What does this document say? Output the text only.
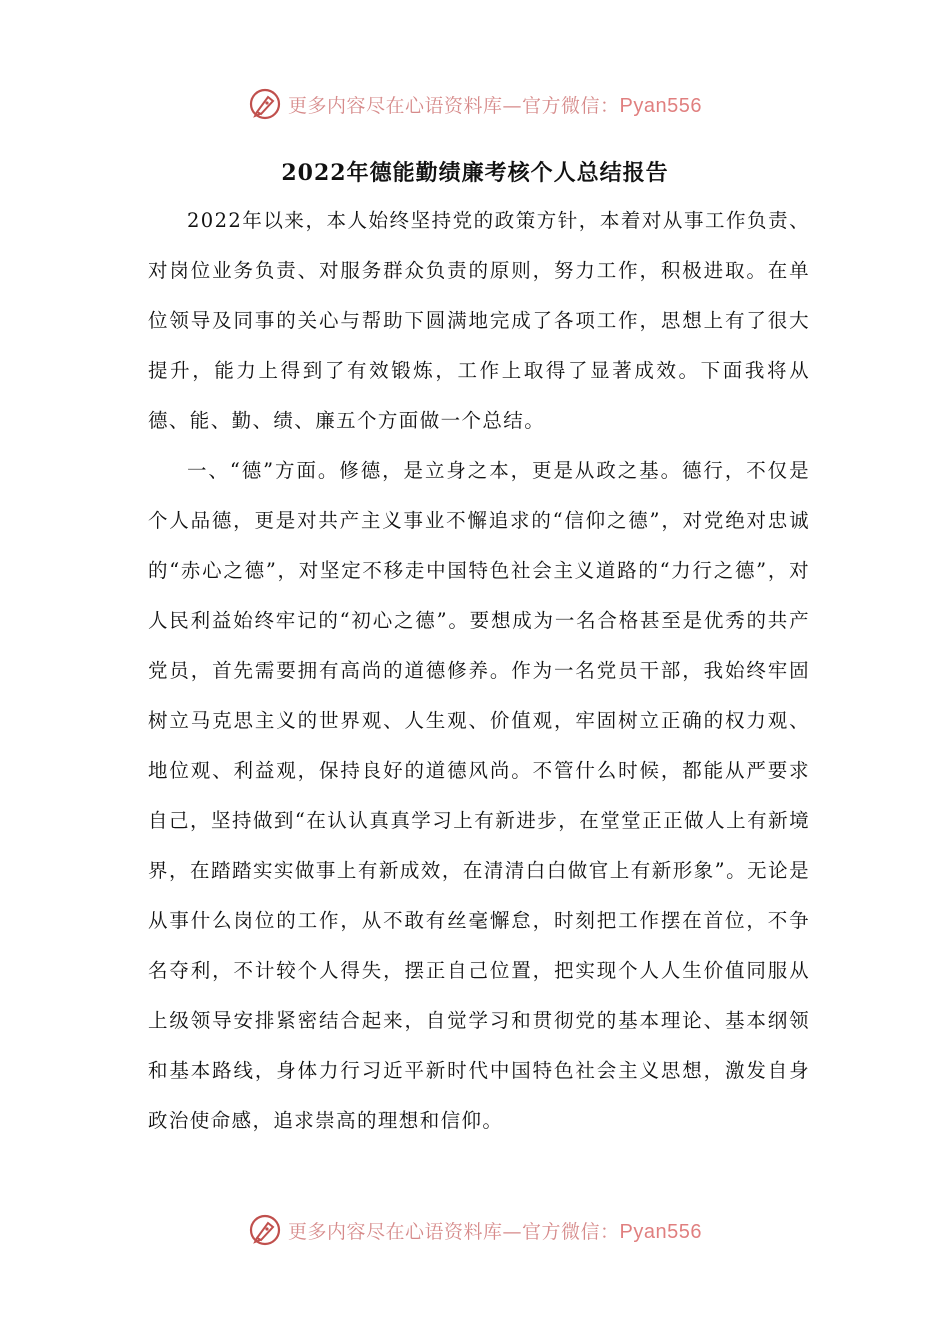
更多内容尽在心语资料库—官方微信：Pyan556
2022年德能勤绩廉考核个人总结报告

2022年以来，本人始终坚持党的政策方针，本着对从事工作负责、对岗位业务负责、对服务群众负责的原则，努力工作，积极进取。在单位领导及同事的关心与帮助下圆满地完成了各项工作，思想上有了很大提升，能力上得到了有效锻炼，工作上取得了显著成效。下面我将从德、能、勤、绩、廉五个方面做一个总结。

一、“德”方面。修德，是立身之本，更是从政之基。德行，不仅是个人品德，更是对共产主义事业不懈追求的“信仰之德”，对党绝对忠诚的“赤心之德”，对坚定不移走中国特色社会主义道路的“力行之德”，对人民利益始终牢记的“初心之德”。要想成为一名合格甚至是优秀的共产党员，首先需要拥有高尚的道德修养。作为一名党员干部，我始终牢固树立马克思主义的世界观、人生观、价值观，牢固树立正确的权力观、地位观、利益观，保持良好的道德风尚。不管什么时候，都能从严要求自己，坚持做到“在认认真真学习上有新进步，在堂堂正正做人上有新境界，在踏踏实实做事上有新成效，在清清白白做官上有新形象”。无论是从事什么岗位的工作，从不敢有丝毫懈怠，时刻把工作摆在首位，不争名夺利，不计较个人得失，摆正自己位置，把实现个人人生价值同服从上级领导安排紧密结合起来，自觉学习和贯彻党的基本理论、基本纲领和基本路线，身体力行习近平新时代中国特色社会主义思想，激发自身政治使命感，追求崇高的理想和信仰。

更多内容尽在心语资料库—官方微信：Pyan556
